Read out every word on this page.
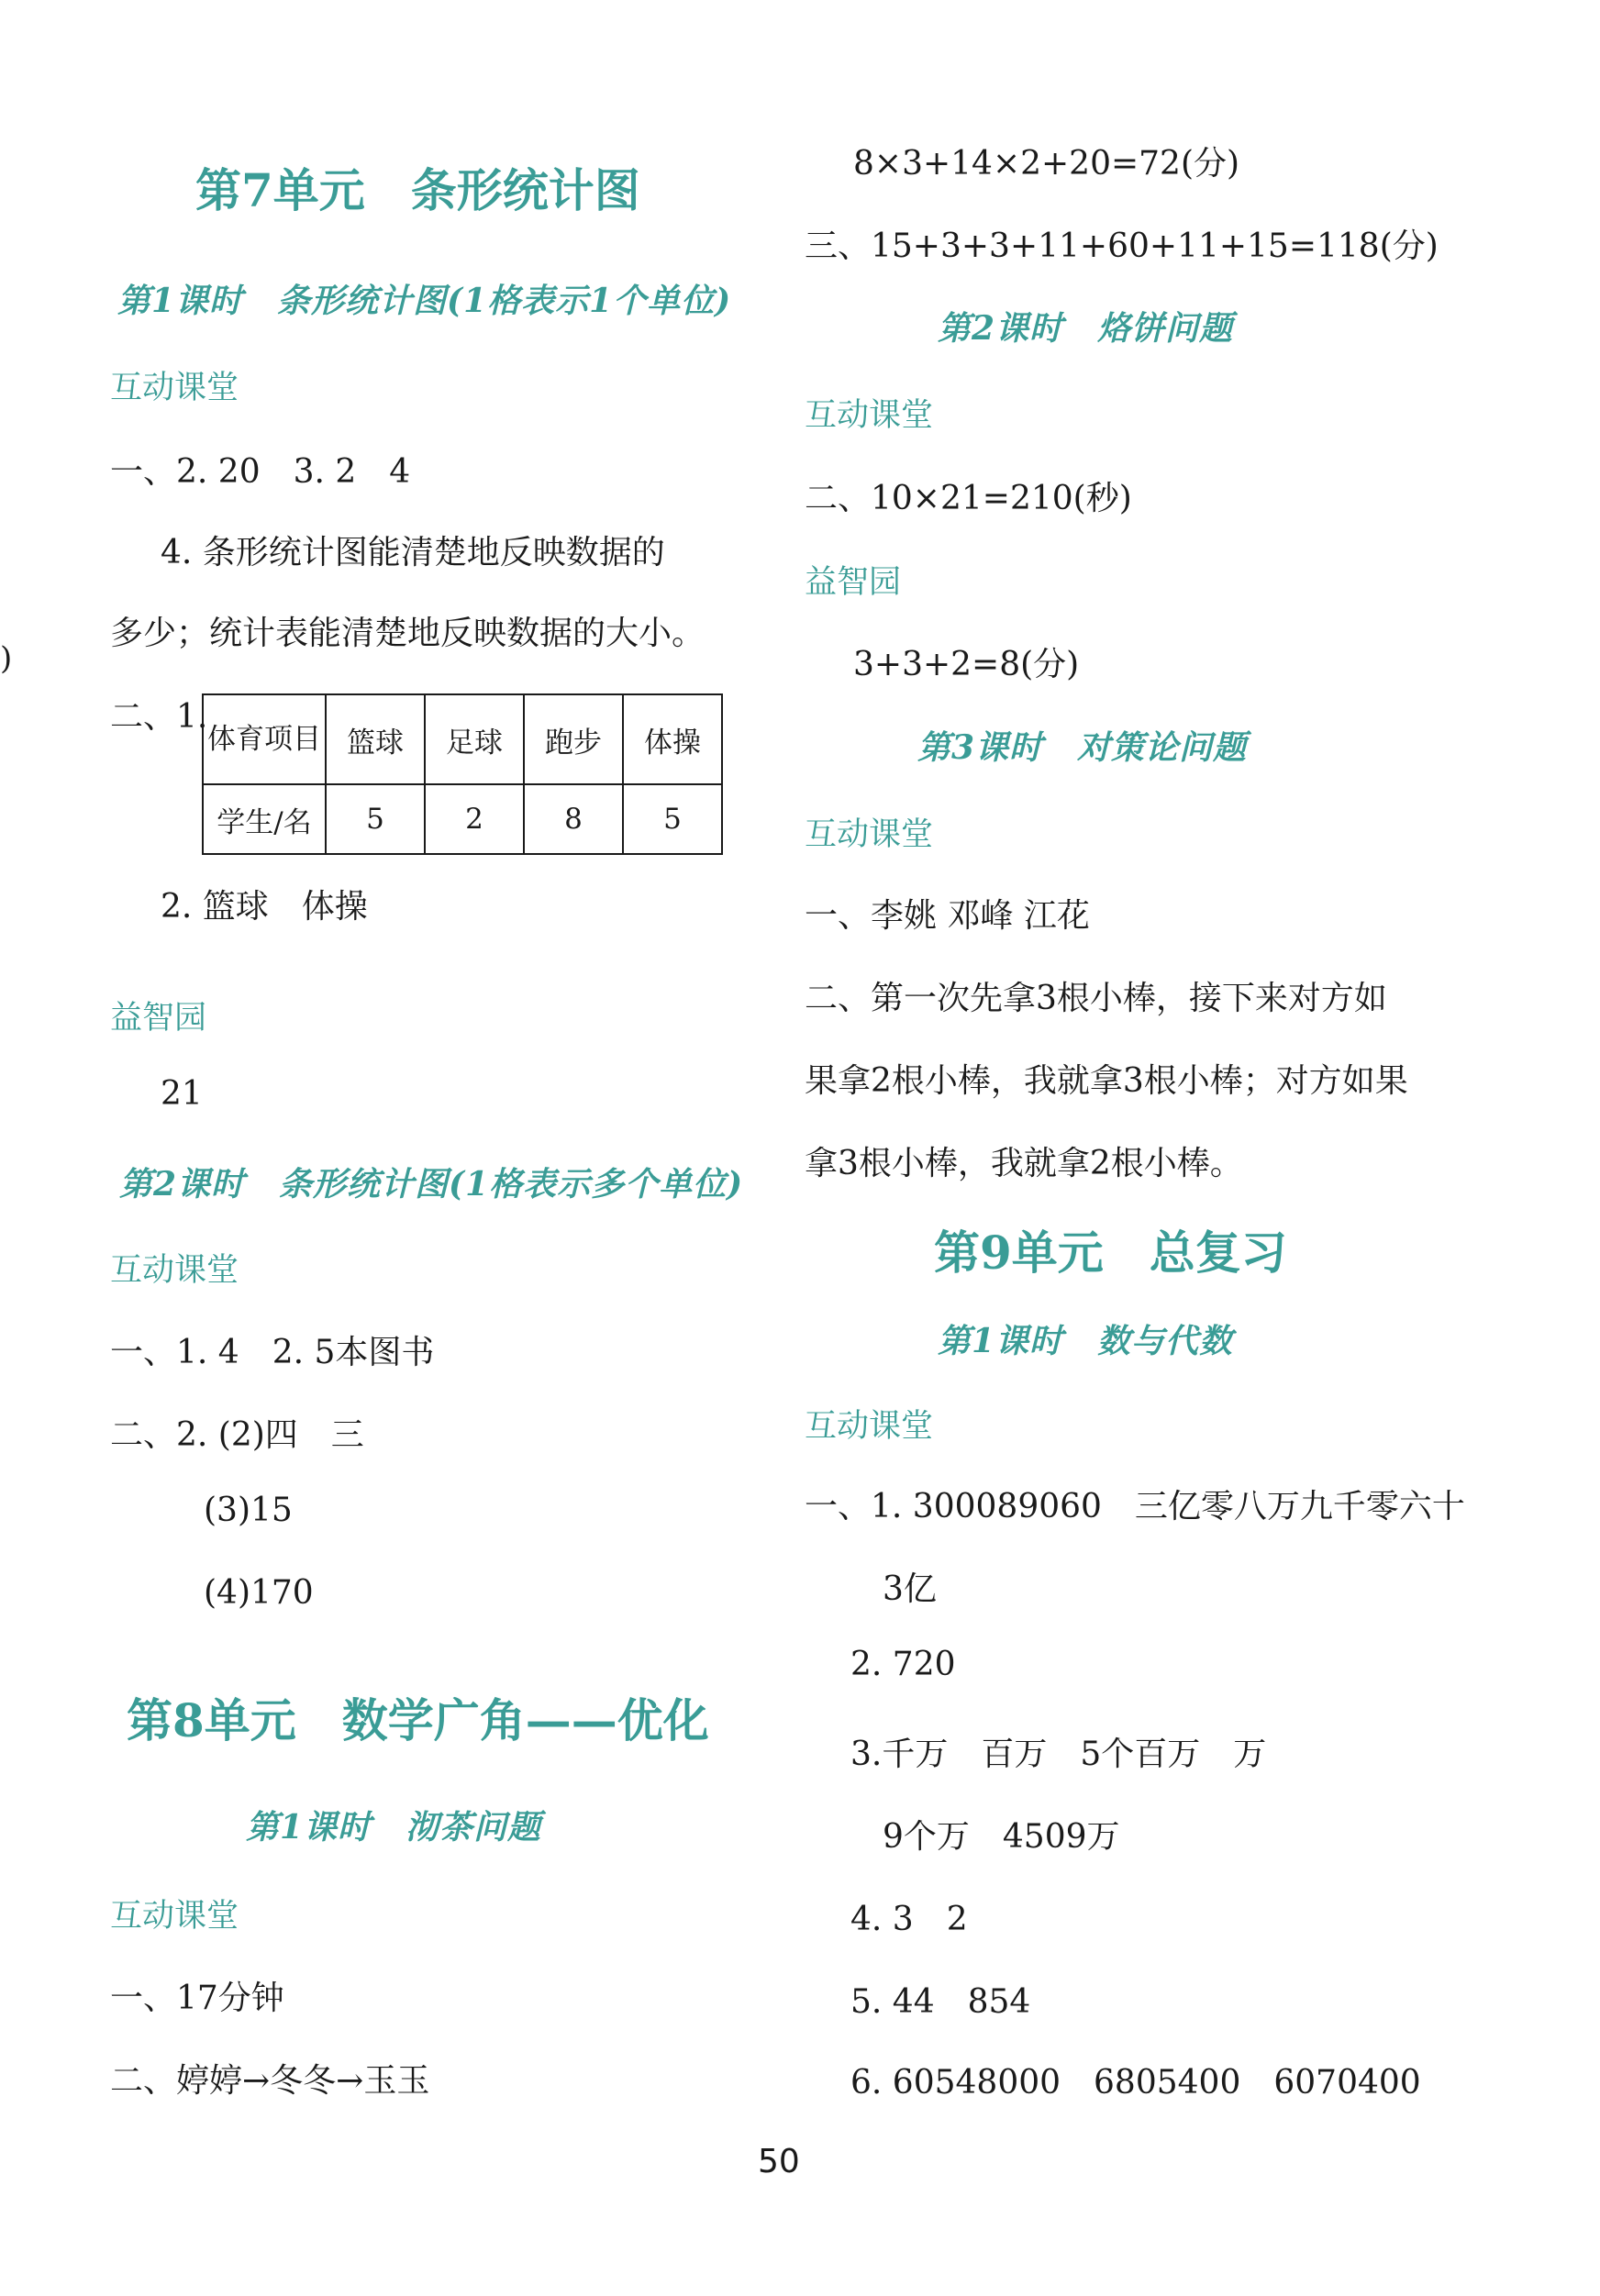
第7单元　条形统计图
第1课时　条形统计图(1格表示1个单位)
互动课堂
一、2. 20　3. 2　4
4. 条形统计图能清楚地反映数据的
多少；统计表能清楚地反映数据的大小。
二、1.
体育项目	篮球	足球	跑步	体操
学生/名	5	2	8	5
2. 篮球　体操
益智园
21
第2课时　条形统计图(1格表示多个单位)
互动课堂
一、1. 4　2. 5本图书
二、2. (2)四　三
(3)15
(4)170
第8单元　数学广角——优化
第1课时　沏茶问题
互动课堂
一、17分钟
二、婷婷→冬冬→玉玉
8×3+14×2+20=72(分)
三、15+3+3+11+60+11+15=118(分)
第2课时　烙饼问题
互动课堂
二、10×21=210(秒)
益智园
3+3+2=8(分)
第3课时　对策论问题
互动课堂
一、李姚 邓峰 江花
二、第一次先拿3根小棒，接下来对方如
果拿2根小棒，我就拿3根小棒；对方如果
拿3根小棒，我就拿2根小棒。
第9单元　总复习
第1课时　数与代数
互动课堂
一、1. 300089060　三亿零八万九千零六十
3亿
2. 720
3.千万　百万　5个百万　万
9个万　4509万
4. 3　2
5. 44　854
6. 60548000　6805400　6070400
)
50
